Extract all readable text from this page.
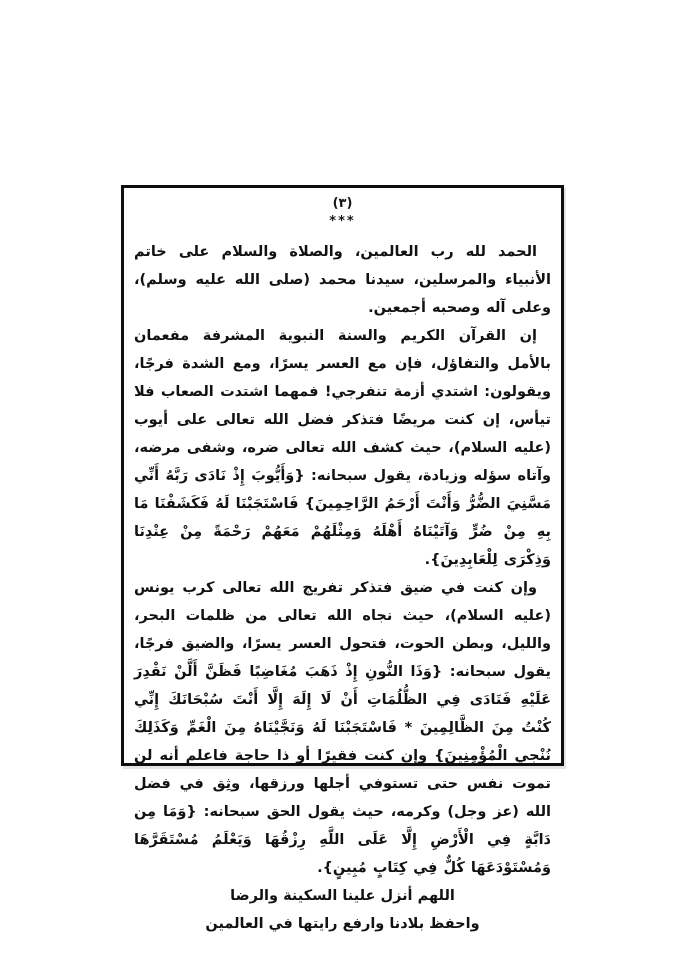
(٣)
***

الحمد لله رب العالمين، والصلاة والسلام على خاتم الأنبياء والمرسلين، سيدنا محمد (صلى الله عليه وسلم)، وعلى آله وصحبه أجمعين.

إن القرآن الكريم والسنة النبوية المشرفة مفعمان بالأمل والتفاؤل، فإن مع العسر يسرًا، ومع الشدة فرجًا، ويقولون: اشتدي أزمة تنفرجي! فمهما اشتدت الصعاب فلا تيأس، إن كنت مريضًا فتذكر فضل الله تعالى على أيوب (عليه السلام)، حيث كشف الله تعالى ضره، وشفى مرضه، وآتاه سؤله وزيادة، يقول سبحانه: {وَأَيُّوبَ إِذْ نَادَى رَبَّهُ أَنِّي مَسَّنِيَ الضُّرُّ وَأَنْتَ أَرْحَمُ الرَّاحِمِينَ} فَاسْتَجَبْنَا لَهُ فَكَشَفْنَا مَا بِهِ مِنْ ضُرٍّ وَآتَيْنَاهُ أَهْلَهُ وَمِثْلَهُمْ مَعَهُمْ رَحْمَةً مِنْ عِنْدِنَا وَذِكْرَى لِلْعَابِدِينَ}.

وإن كنت في ضيق فتذكر تفريج الله تعالى كرب يونس (عليه السلام)، حيث نجاه الله تعالى من ظلمات البحر، والليل، وبطن الحوت، فتحول العسر يسرًا، والضيق فرجًا، يقول سبحانه: {وَذَا النُّونِ إِذْ ذَهَبَ مُغَاضِبًا فَظَنَّ أَلَّنْ نَقْدِرَ عَلَيْهِ فَنَادَى فِي الظُّلُمَاتِ أَنْ لَا إِلَهَ إِلَّا أَنْتَ سُبْحَانَكَ إِنِّي كُنْتُ مِنَ الظَّالِمِينَ * فَاسْتَجَبْنَا لَهُ وَنَجَّيْنَاهُ مِنَ الْغَمِّ وَكَذَلِكَ نُنْجِي الْمُؤْمِنِينَ} وإن كنت فقيرًا أو ذا حاجة فاعلم أنه لن تموت نفس حتى تستوفي أجلها ورزقها، وثِق في فضل الله (عز وجل) وكرمه، حيث يقول الحق سبحانه: {وَمَا مِن دَابَّةٍ فِي الْأَرْضِ إِلَّا عَلَى اللَّهِ رِزْقُهَا وَيَعْلَمُ مُسْتَقَرَّهَا وَمُسْتَوْدَعَهَا كُلٌّ فِي كِتَابٍ مُبِينٍ}.

اللهم أنزل علينا السكينة والرضا
واحفظ بلادنا وارفع رايتها في العالمين
